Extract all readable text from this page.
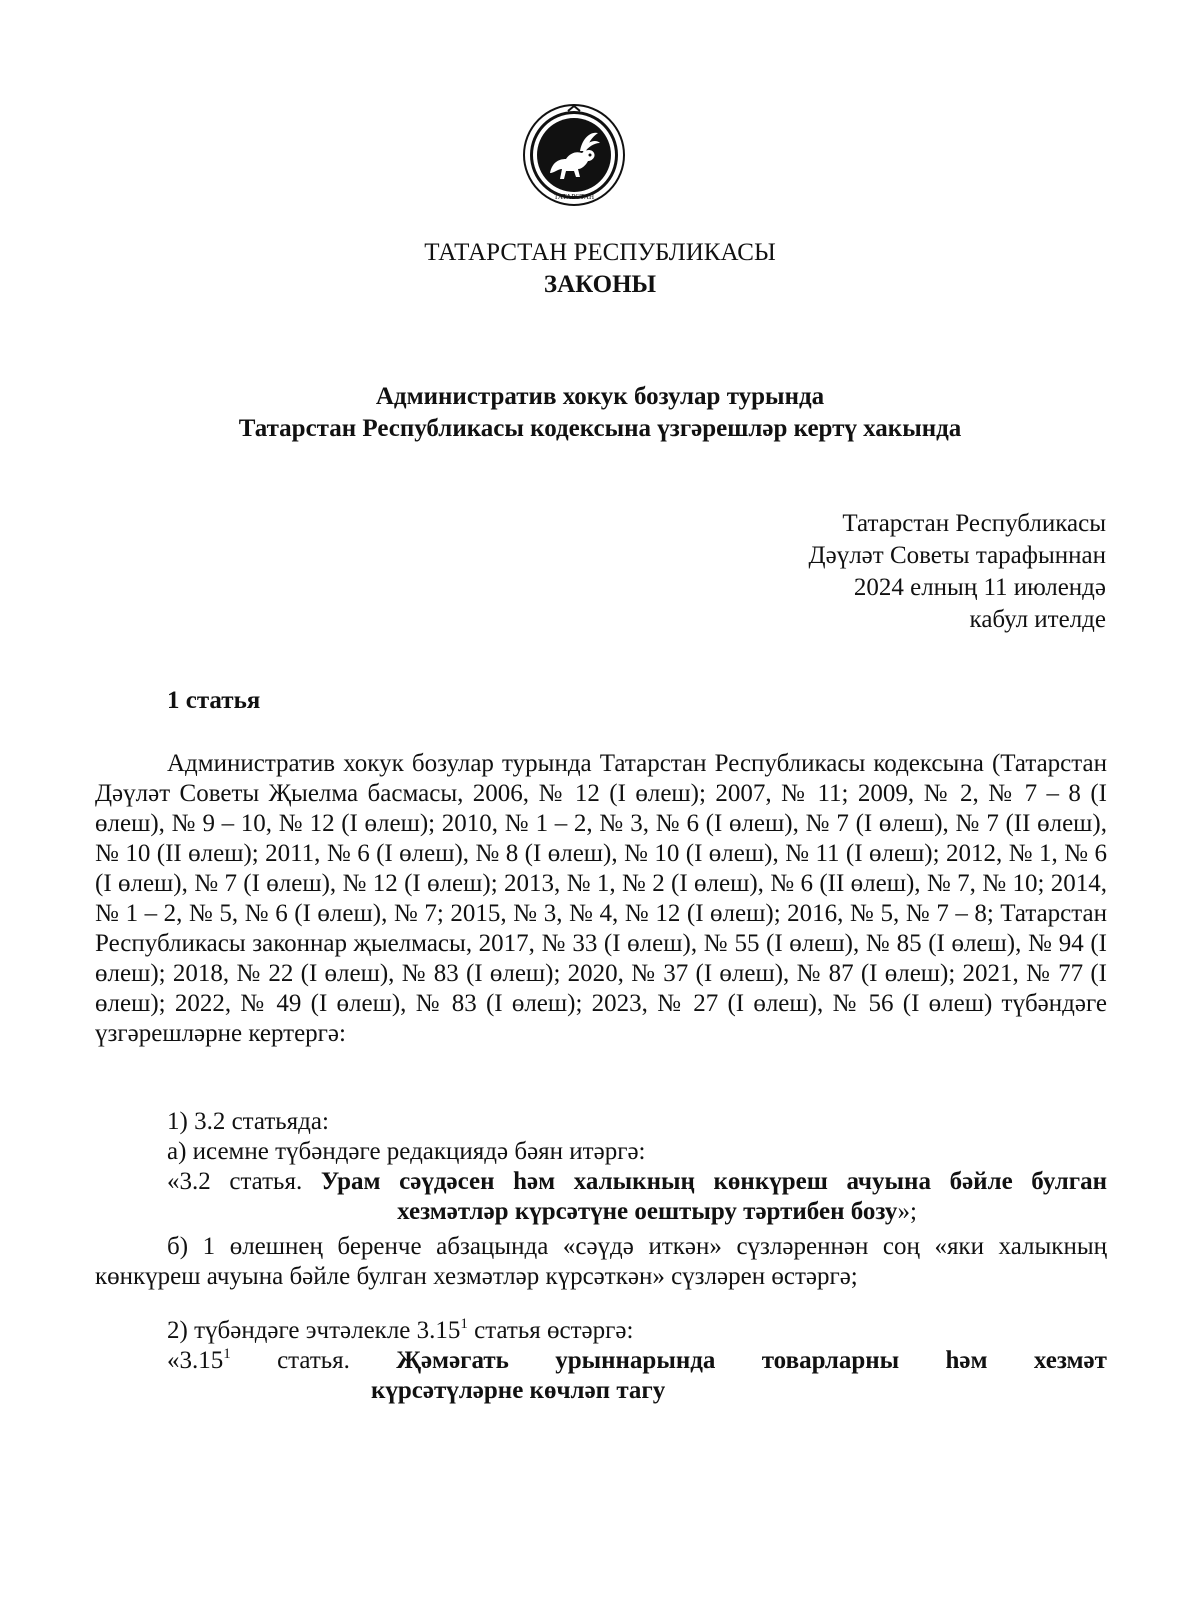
ТАТАРСТАН
ТАТАРСТАН РЕСПУБЛИКАСЫ
ЗАКОНЫ
Административ хокук бозулар турында
Татарстан Республикасы кодексына үзгәрешләр кертү хакында
Татарстан Республикасы
Дәүләт Советы тарафыннан
2024 елның 11 июлендә
кабул ителде
1 статья
Административ хокук бозулар турында Татарстан Республикасы кодексына (Татарстан Дәүләт Советы Җыелма басмасы, 2006, № 12 (I өлеш); 2007, № 11; 2009, № 2, № 7 – 8 (I өлеш), № 9 – 10, № 12 (I өлеш); 2010, № 1 – 2, № 3, № 6 (I өлеш), № 7 (I өлеш), № 7 (II өлеш), № 10 (II өлеш); 2011, № 6 (I өлеш), № 8 (I өлеш), № 10 (I өлеш), № 11 (I өлеш); 2012, № 1, № 6 (I өлеш), № 7 (I өлеш), № 12 (I өлеш); 2013, № 1, № 2 (I өлеш), № 6 (II өлеш), № 7, № 10; 2014, № 1 – 2, № 5, № 6 (I өлеш), № 7; 2015, № 3, № 4, № 12 (I өлеш); 2016, № 5, № 7 – 8; Татарстан Республикасы законнар җыелмасы, 2017, № 33 (I өлеш), № 55 (I өлеш), № 85 (I өлеш), № 94 (I өлеш); 2018, № 22 (I өлеш), № 83 (I өлеш); 2020, № 37 (I өлеш), № 87 (I өлеш); 2021, № 77 (I өлеш); 2022, № 49 (I өлеш), № 83 (I өлеш); 2023, № 27 (I өлеш), № 56 (I өлеш) түбәндәге үзгәрешләрне кертергә:
1) 3.2 статьяда:
а) исемне түбәндәге редакциядә бәян итәргә:
«3.2 статья. Урам сәүдәсен һәм халыкның көнкүреш ачуына бәйле булган
хезмәтләр күрсәтүне оештыру тәртибен бозу»;
б) 1 өлешнең беренче абзацында «сәүдә иткән» сүзләреннән соң «яки халыкның көнкүреш ачуына бәйле булган хезмәтләр күрсәткән» сүзләрен өстәргә;
2) түбәндәге эчтәлекле 3.15$^1$ статья өстәргә:
«3.15$^1$ статья. Җәмәгать урыннарында товарларны һәм хезмәт
күрсәтүләрне көчләп тагу
